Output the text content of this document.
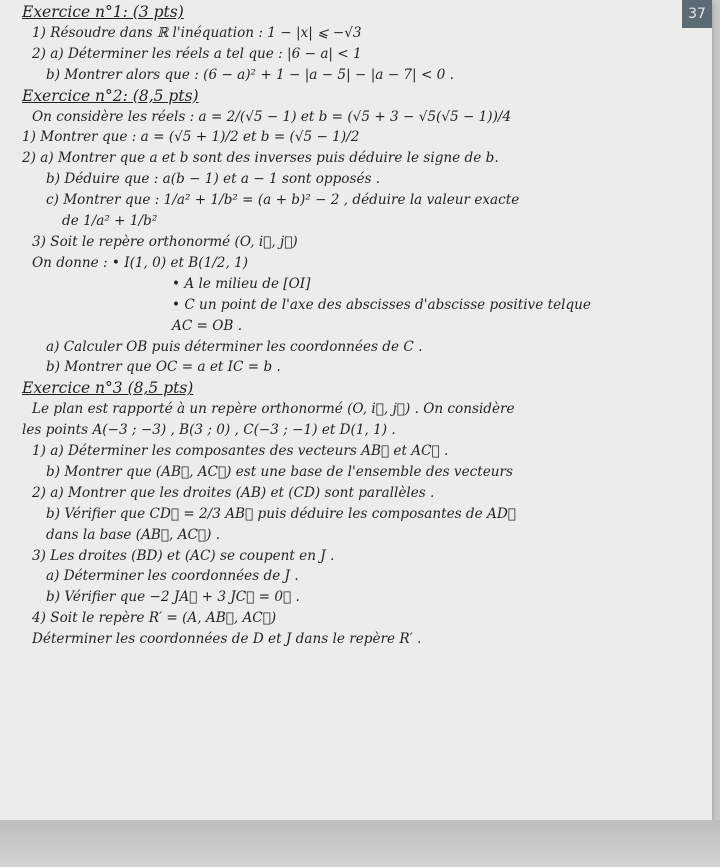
37
Exercice n°1: (3 pts)
1) Résoudre dans ℝ l'inéquation : 1 − |x| ⩽ −√3
2) a) Déterminer les réels a tel que : |6 − a| < 1
b) Montrer alors que : (6 − a)² + 1 − |a − 5| − |a − 7| < 0 .
Exercice n°2: (8,5 pts)
On considère les réels : a = 2/(√5 − 1) et b = (√5 + 3 − √5(√5 − 1))/4
1) Montrer que : a = (√5 + 1)/2 et b = (√5 − 1)/2
2) a) Montrer que a et b sont des inverses puis déduire le signe de b.
b) Déduire que : a(b − 1) et a − 1 sont opposés .
c) Montrer que : 1/a² + 1/b² = (a + b)² − 2 , déduire la valeur exacte
de 1/a² + 1/b²
3) Soit le repère orthonormé (O, i⃗, j⃗)
On donne : • I(1, 0) et B(1/2, 1)
• A le milieu de [OI]
• C un point de l'axe des abscisses d'abscisse positive telque
AC = OB .
a) Calculer OB puis déterminer les coordonnées de C .
b) Montrer que OC = a et IC = b .
Exercice n°3 (8,5 pts)
Le plan est rapporté à un repère orthonormé (O, i⃗, j⃗) . On considère
les points A(−3 ; −3) , B(3 ; 0) , C(−3 ; −1) et D(1, 1) .
1) a) Déterminer les composantes des vecteurs AB⃗ et AC⃗ .
b) Montrer que (AB⃗, AC⃗) est une base de l'ensemble des vecteurs
2) a) Montrer que les droites (AB) et (CD) sont parallèles .
b) Vérifier que CD⃗ = 2/3 AB⃗ puis déduire les composantes de AD⃗
dans la base (AB⃗, AC⃗) .
3) Les droites (BD) et (AC) se coupent en J .
a) Déterminer les coordonnées de J .
b) Vérifier que −2 JA⃗ + 3 JC⃗ = 0⃗ .
4) Soit le repère R′ = (A, AB⃗, AC⃗)
Déterminer les coordonnées de D et J dans le repère R′ .
